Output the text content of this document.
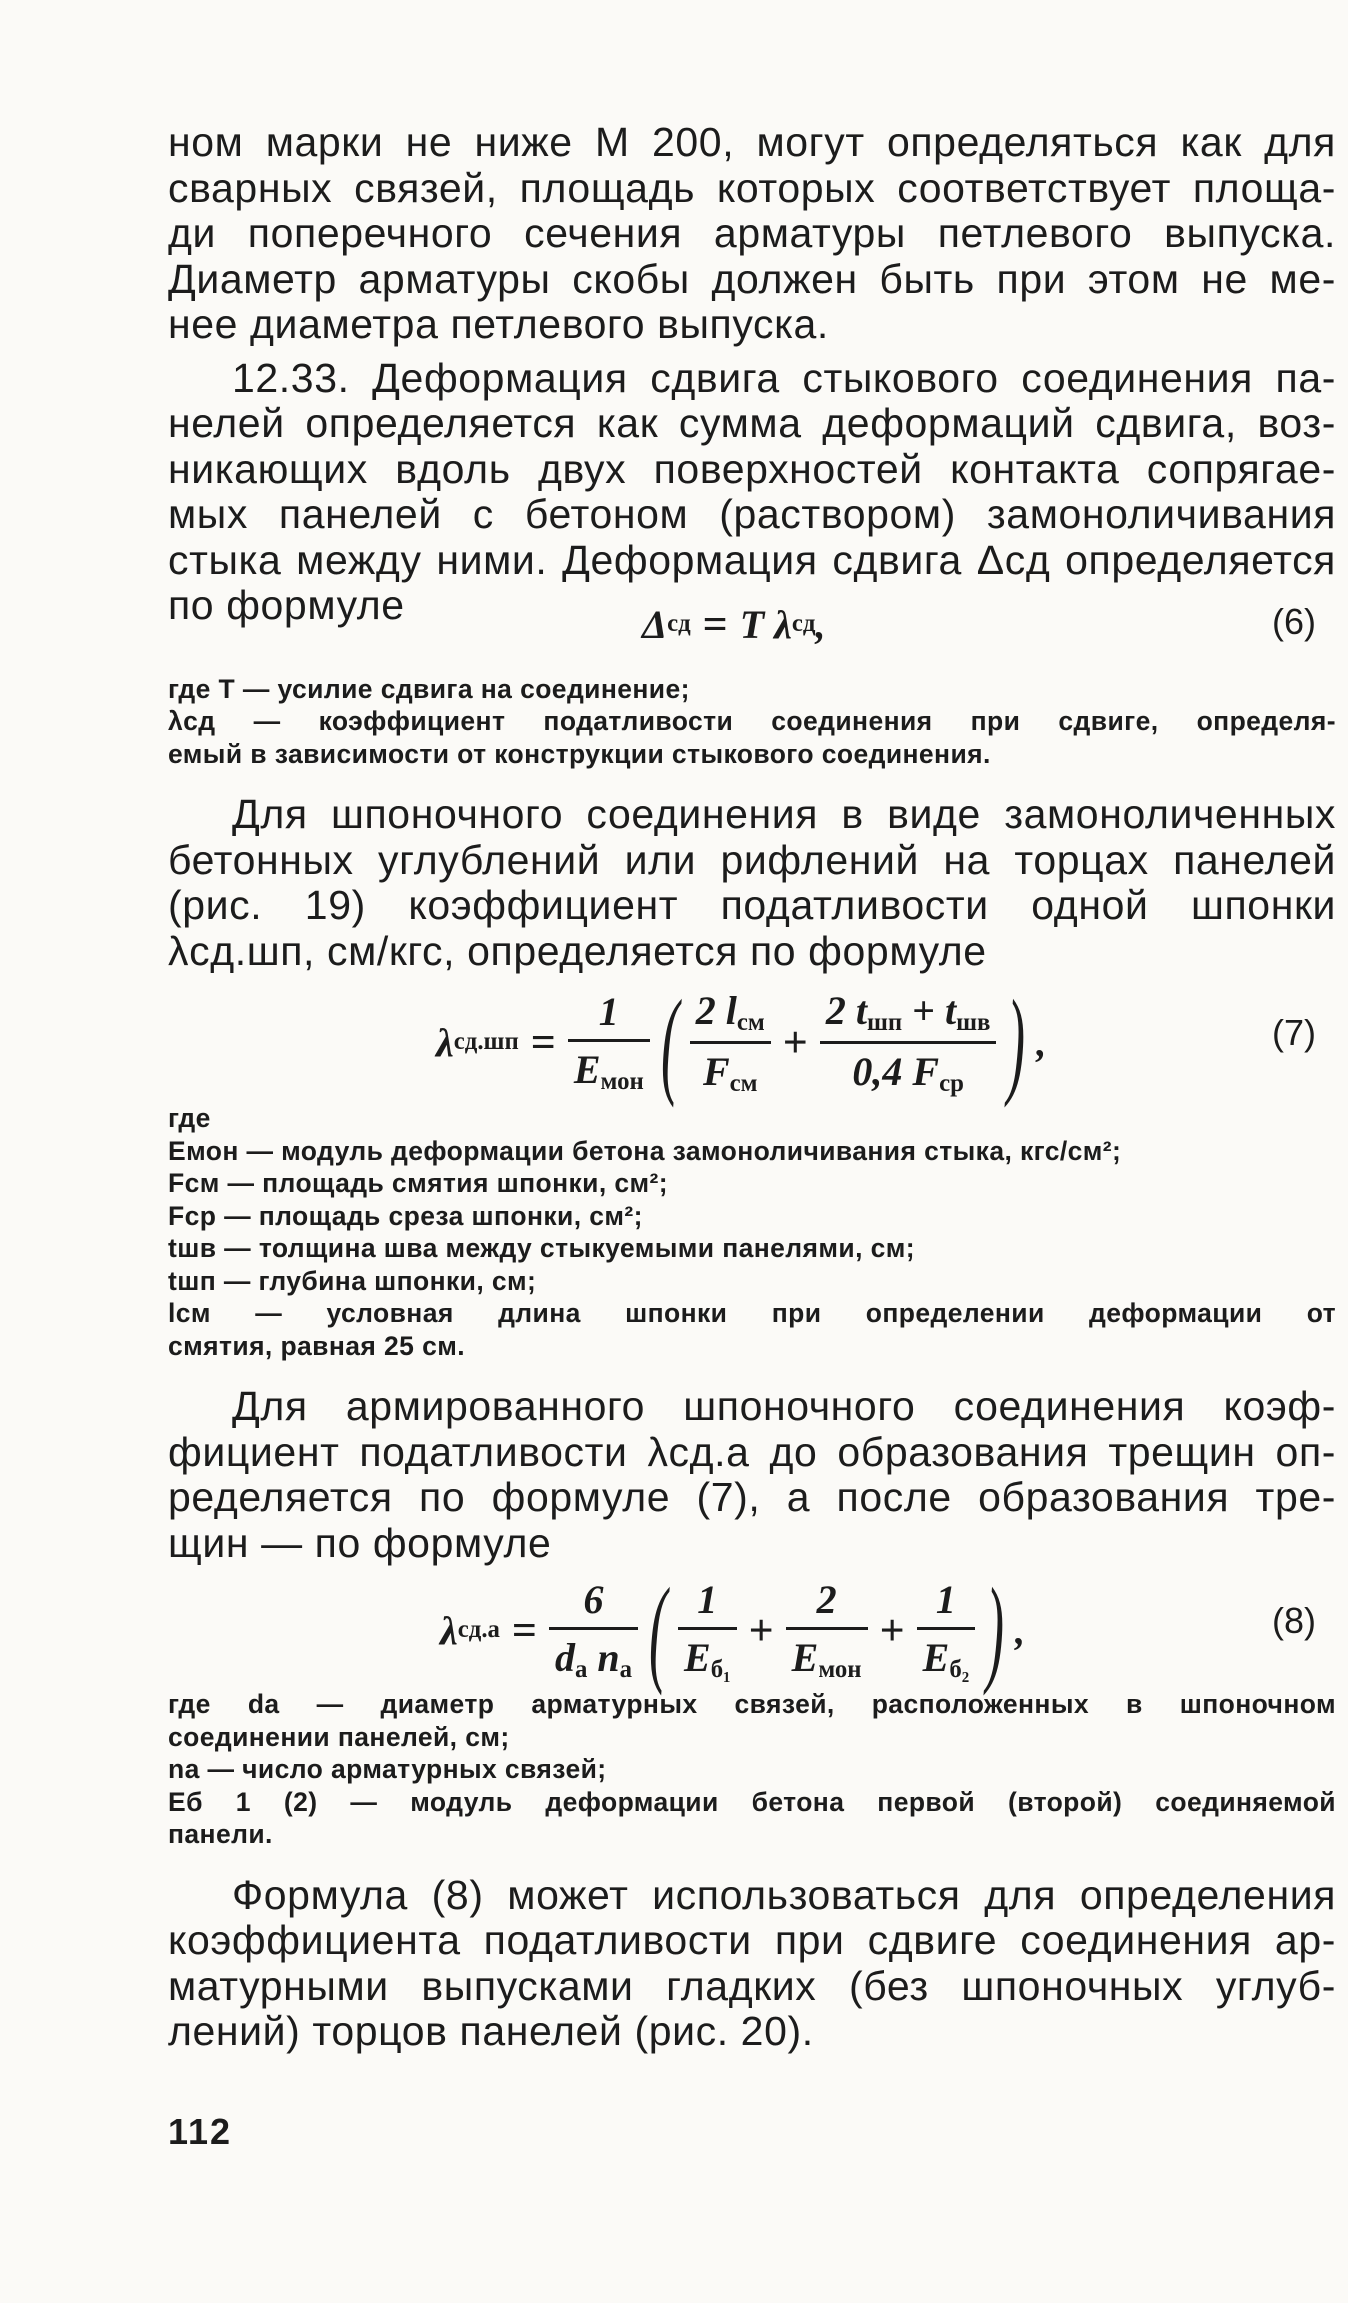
ном марки не ниже М 200, могут определяться как для
сварных связей, площадь которых соответствует площа-
ди поперечного сечения арматуры петлевого выпуска.
Диаметр арматуры скобы должен быть при этом не ме-
нее диаметра петлевого выпуска.
12.33. Деформация сдвига стыкового соединения па-
нелей определяется как сумма деформаций сдвига, воз-
никающих вдоль двух поверхностей контакта сопрягае-
мых панелей с бетоном (раствором) замоноличивания
стыка между ними. Деформация сдвига Δсд определяется
по формуле	Δ сд = T
λ сд ,	(6)
где T — усилие сдвига на соединение;
λсд — коэффициент податливости соединения при сдвиге, определя-
емый в зависимости от конструкции стыкового соединения.
Для шпоночного соединения в виде замоноличенных
бетонных углублений или рифлений на торцах панелей
(рис. 19) коэффициент податливости одной шпонки
λсд.шп, см/кгс, определяется по формуле
λ $сд.шп = \frac{1}{E_{мон}}$ ( $\frac{2 l_{см}}{F_{см}} + \frac{2 t_{шп} + t_{шв}}{0,4 F_{ср}}$ ) ,	(7)
где
Eмон — модуль деформации бетона замоноличивания стыка, кгс/см²;
Fсм — площадь смятия шпонки, см²;
Fср — площадь среза шпонки, см²;
tшв — толщина шва между стыкуемыми панелями, см;
tшп — глубина шпонки, см;
lсм — условная длина шпонки при определении деформации от
смятия, равная 25 см.
Для армированного шпоночного соединения коэф-
фициент податливости λсд.а до образования трещин оп-
ределяется по формуле (7), а после образования тре-
щин — по формуле
λ $сд.а = \frac{6}{d_а n_а}$ ( $\frac{1}{E_{б_1}} + \frac{2}{E_{мон}} + \frac{1}{E_{б_2}}$ ) ,	(8)
где dа — диаметр арматурных связей, расположенных в шпоночном
соединении панелей, см;
nа — число арматурных связей;
Eб 1 (2) — модуль деформации бетона первой (второй) соединяемой
панели.
Формула (8) может использоваться для определения
коэффициента податливости при сдвиге соединения ар-
матурными выпусками гладких (без шпоночных углуб-
лений) торцов панелей (рис. 20).
112
